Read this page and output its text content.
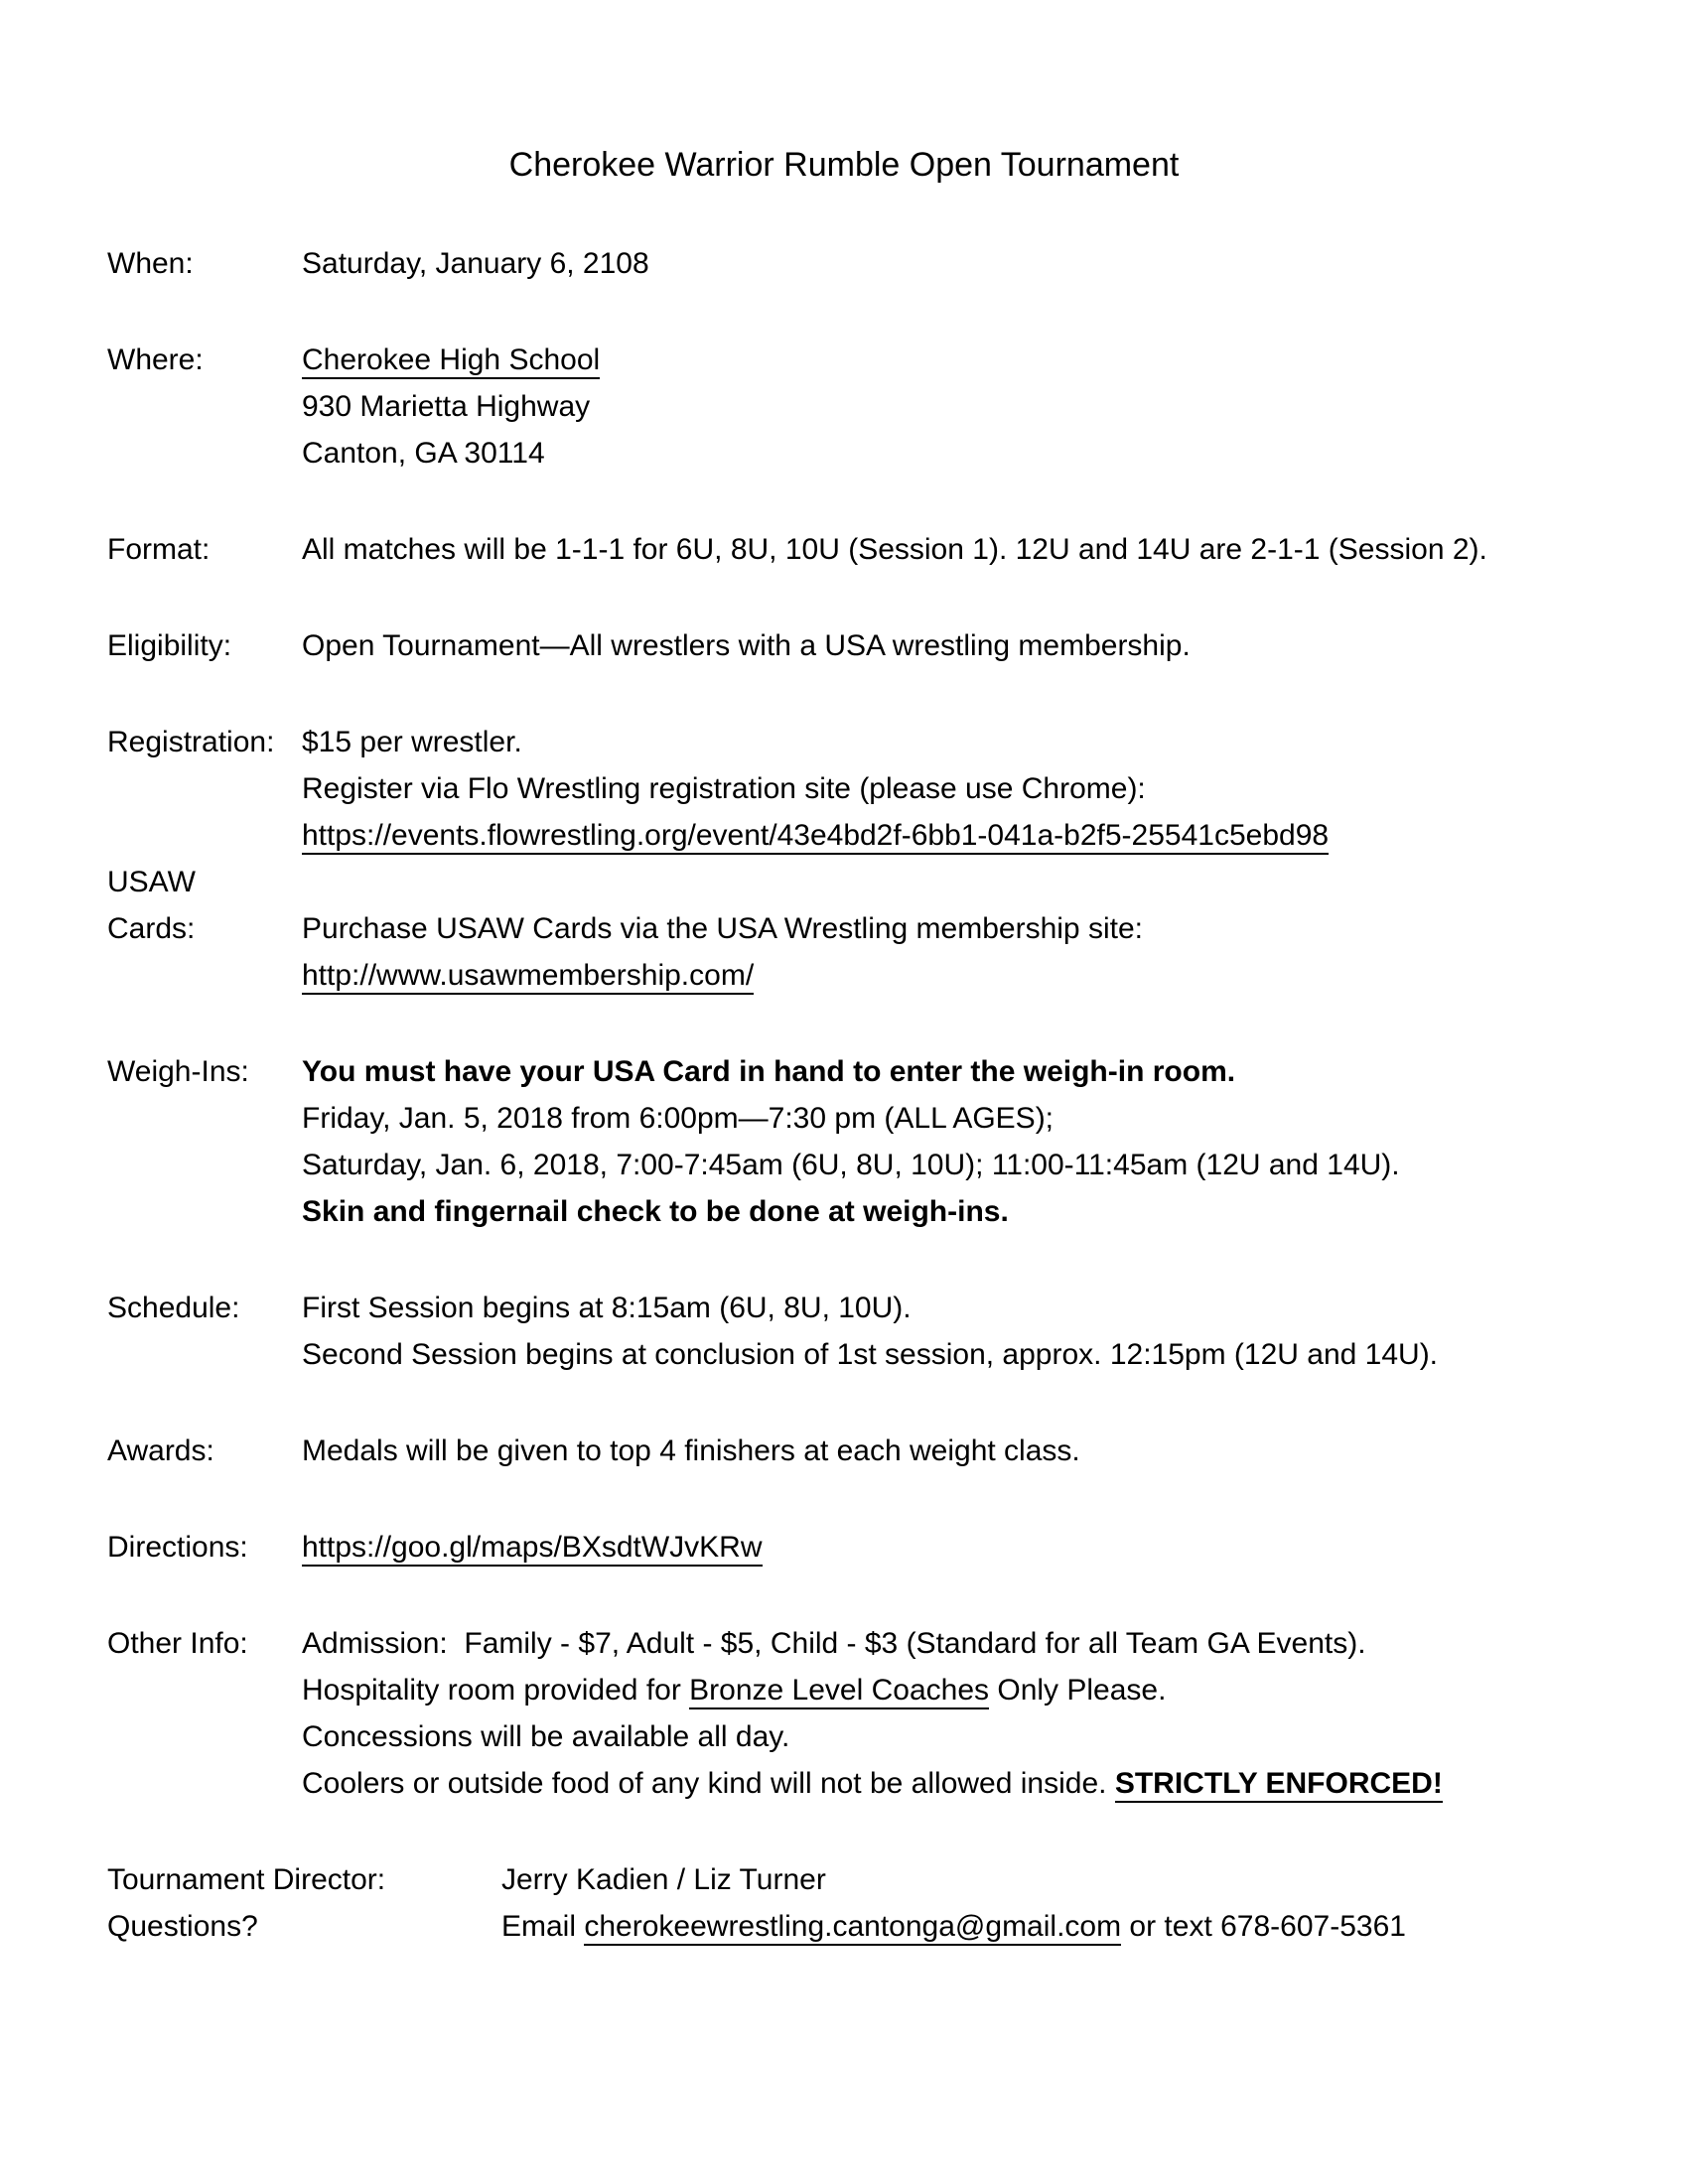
Cherokee Warrior Rumble Open Tournament
When:	Saturday, January 6, 2108
Where:	Cherokee High School
930 Marietta Highway
Canton, GA 30114
Format:	All matches will be 1-1-1 for 6U, 8U, 10U (Session 1). 12U and 14U are 2-1-1 (Session 2).
Eligibility:	Open Tournament—All wrestlers with a USA wrestling membership.
Registration: $15 per wrestler.
Register via Flo Wrestling registration site (please use Chrome):
https://events.flowrestling.org/event/43e4bd2f-6bb1-041a-b2f5-25541c5ebd98
USAW
Cards:	Purchase USAW Cards via the USA Wrestling membership site:
http://www.usawmembership.com/
Weigh-Ins:	You must have your USA Card in hand to enter the weigh-in room.
Friday, Jan. 5, 2018 from 6:00pm—7:30 pm (ALL AGES);
Saturday, Jan. 6, 2018, 7:00-7:45am (6U, 8U, 10U); 11:00-11:45am (12U and 14U).
Skin and fingernail check to be done at weigh-ins.
Schedule:	First Session begins at 8:15am (6U, 8U, 10U).
Second Session begins at conclusion of 1st session, approx. 12:15pm (12U and 14U).
Awards:	Medals will be given to top 4 finishers at each weight class.
Directions:	https://goo.gl/maps/BXsdtWJvKRw
Other Info:	Admission:  Family - $7, Adult - $5, Child - $3 (Standard for all Team GA Events).
Hospitality room provided for Bronze Level Coaches Only Please.
Concessions will be available all day.
Coolers or outside food of any kind will not be allowed inside. STRICTLY ENFORCED!
Tournament Director:	Jerry Kadien / Liz Turner
Questions?	Email cherokeewrestling.cantonga@gmail.com or text 678-607-5361
